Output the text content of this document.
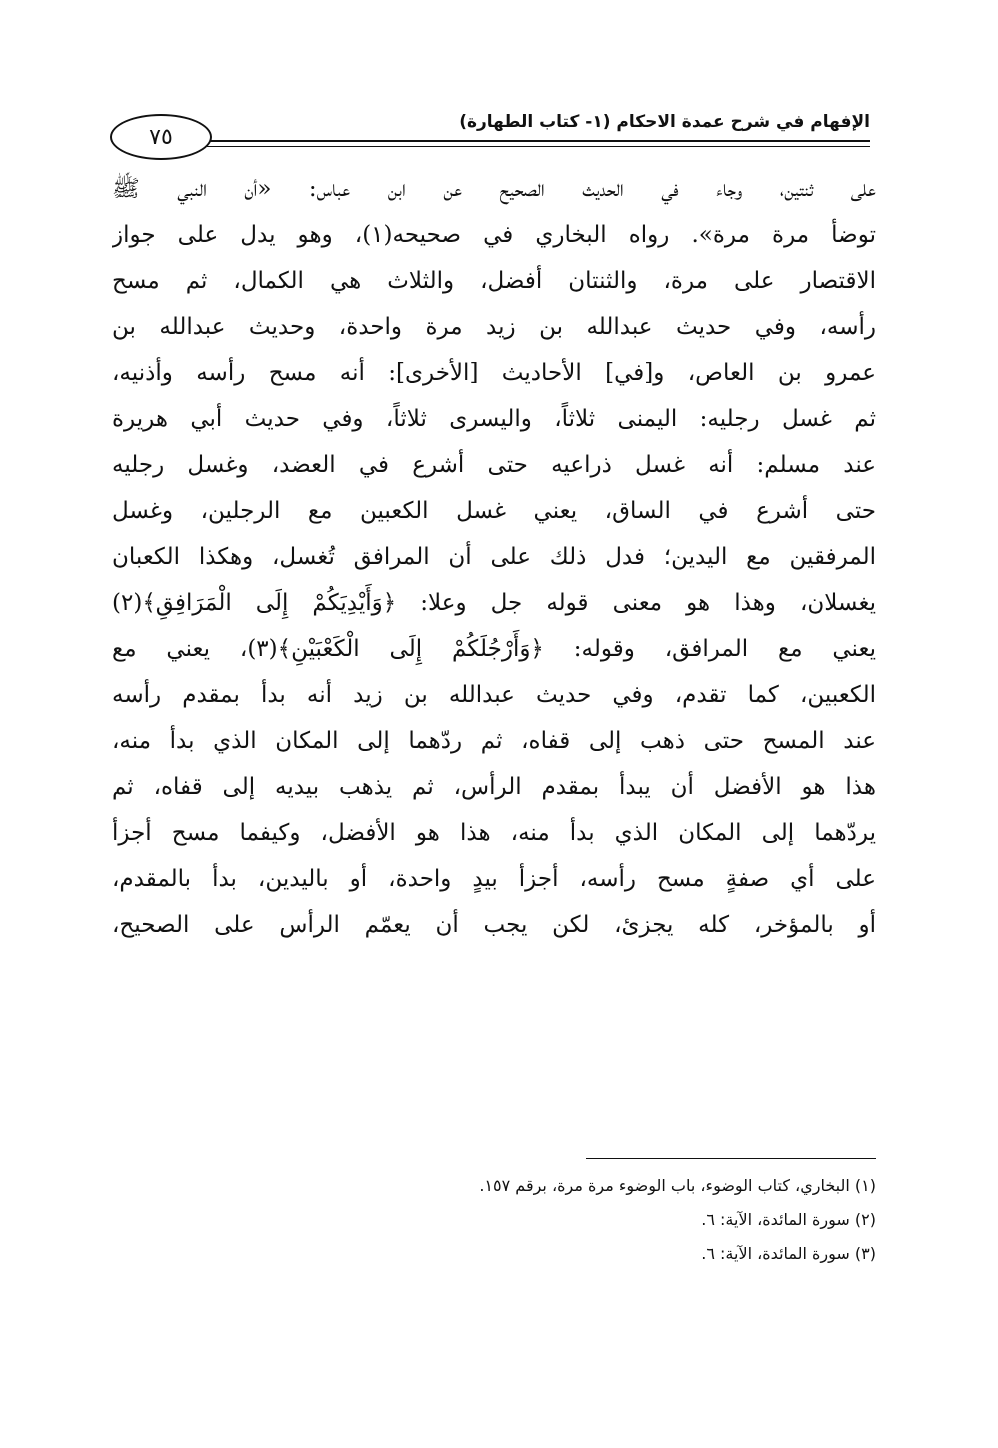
٧٥
الإفهام في شرح عمدة الاحكام (١- كتاب الطهارة)
على ثنتين، وجاء في الحديث الصحيح عن ابن عباس: «أن النبي ﷺ
توضأ مرة مرة». رواه البخاري في صحيحه(١)، وهو يدل على جواز
الاقتصار على مرة، والثنتان أفضل، والثلاث هي الكمال، ثم مسح
رأسه، وفي حديث عبدالله بن زيد مرة واحدة، وحديث عبدالله بن
عمرو بن العاص، و[في] الأحاديث [الأخرى]: أنه مسح رأسه وأذنيه،
ثم غسل رجليه: اليمنى ثلاثاً، واليسرى ثلاثاً، وفي حديث أبي هريرة
عند مسلم: أنه غسل ذراعيه حتى أشرع في العضد، وغسل رجليه
حتى أشرع في الساق، يعني غسل الكعبين مع الرجلين، وغسل
المرفقين مع اليدين؛ فدل ذلك على أن المرافق تُغسل، وهكذا الكعبان
يغسلان، وهذا هو معنى قوله جل وعلا: ﴿وَأَيْدِيَكُمْ إِلَى الْمَرَافِقِ﴾(٢)
يعني مع المرافق، وقوله: ﴿وَأَرْجُلَكُمْ إِلَى الْكَعْبَيْنِ﴾(٣)، يعني مع
الكعبين، كما تقدم، وفي حديث عبدالله بن زيد أنه بدأ بمقدم رأسه
عند المسح حتى ذهب إلى قفاه، ثم ردّهما إلى المكان الذي بدأ منه،
هذا هو الأفضل أن يبدأ بمقدم الرأس، ثم يذهب بيديه إلى قفاه، ثم
يردّهما إلى المكان الذي بدأ منه، هذا هو الأفضل، وكيفما مسح أجزأ
على أي صفةٍ مسح رأسه، أجزأ بيدٍ واحدة، أو باليدين، بدأ بالمقدم،
أو بالمؤخر، كله يجزئ، لكن يجب أن يعمّم الرأس على الصحيح،
(١) البخاري، كتاب الوضوء، باب الوضوء مرة مرة، برقم ١٥٧.
(٢) سورة المائدة، الآية: ٦.
(٣) سورة المائدة، الآية: ٦.
